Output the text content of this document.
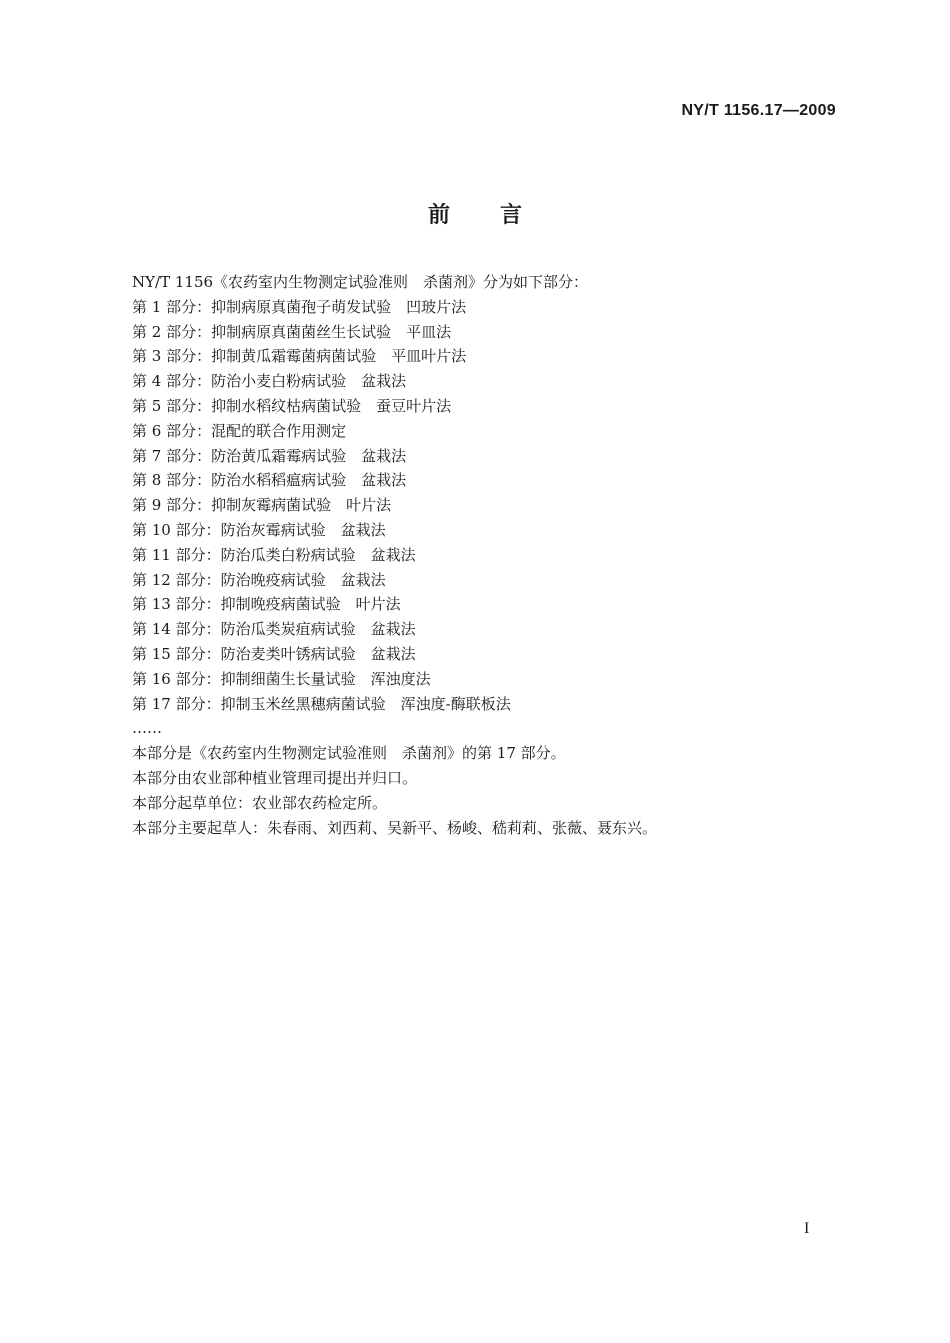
NY/T 1156.17—2009
前言
NY/T 1156《农药室内生物测定试验准则　杀菌剂》分为如下部分：
第 1 部分：抑制病原真菌孢子萌发试验　凹玻片法
第 2 部分：抑制病原真菌菌丝生长试验　平皿法
第 3 部分：抑制黄瓜霜霉菌病菌试验　平皿叶片法
第 4 部分：防治小麦白粉病试验　盆栽法
第 5 部分：抑制水稻纹枯病菌试验　蚕豆叶片法
第 6 部分：混配的联合作用测定
第 7 部分：防治黄瓜霜霉病试验　盆栽法
第 8 部分：防治水稻稻瘟病试验　盆栽法
第 9 部分：抑制灰霉病菌试验　叶片法
第 10 部分：防治灰霉病试验　盆栽法
第 11 部分：防治瓜类白粉病试验　盆栽法
第 12 部分：防治晚疫病试验　盆栽法
第 13 部分：抑制晚疫病菌试验　叶片法
第 14 部分：防治瓜类炭疽病试验　盆栽法
第 15 部分：防治麦类叶锈病试验　盆栽法
第 16 部分：抑制细菌生长量试验　浑浊度法
第 17 部分：抑制玉米丝黑穗病菌试验　浑浊度-酶联板法
……
本部分是《农药室内生物测定试验准则　杀菌剂》的第 17 部分。
本部分由农业部种植业管理司提出并归口。
本部分起草单位：农业部农药检定所。
本部分主要起草人：朱春雨、刘西莉、吴新平、杨峻、嵇莉莉、张薇、聂东兴。
I
